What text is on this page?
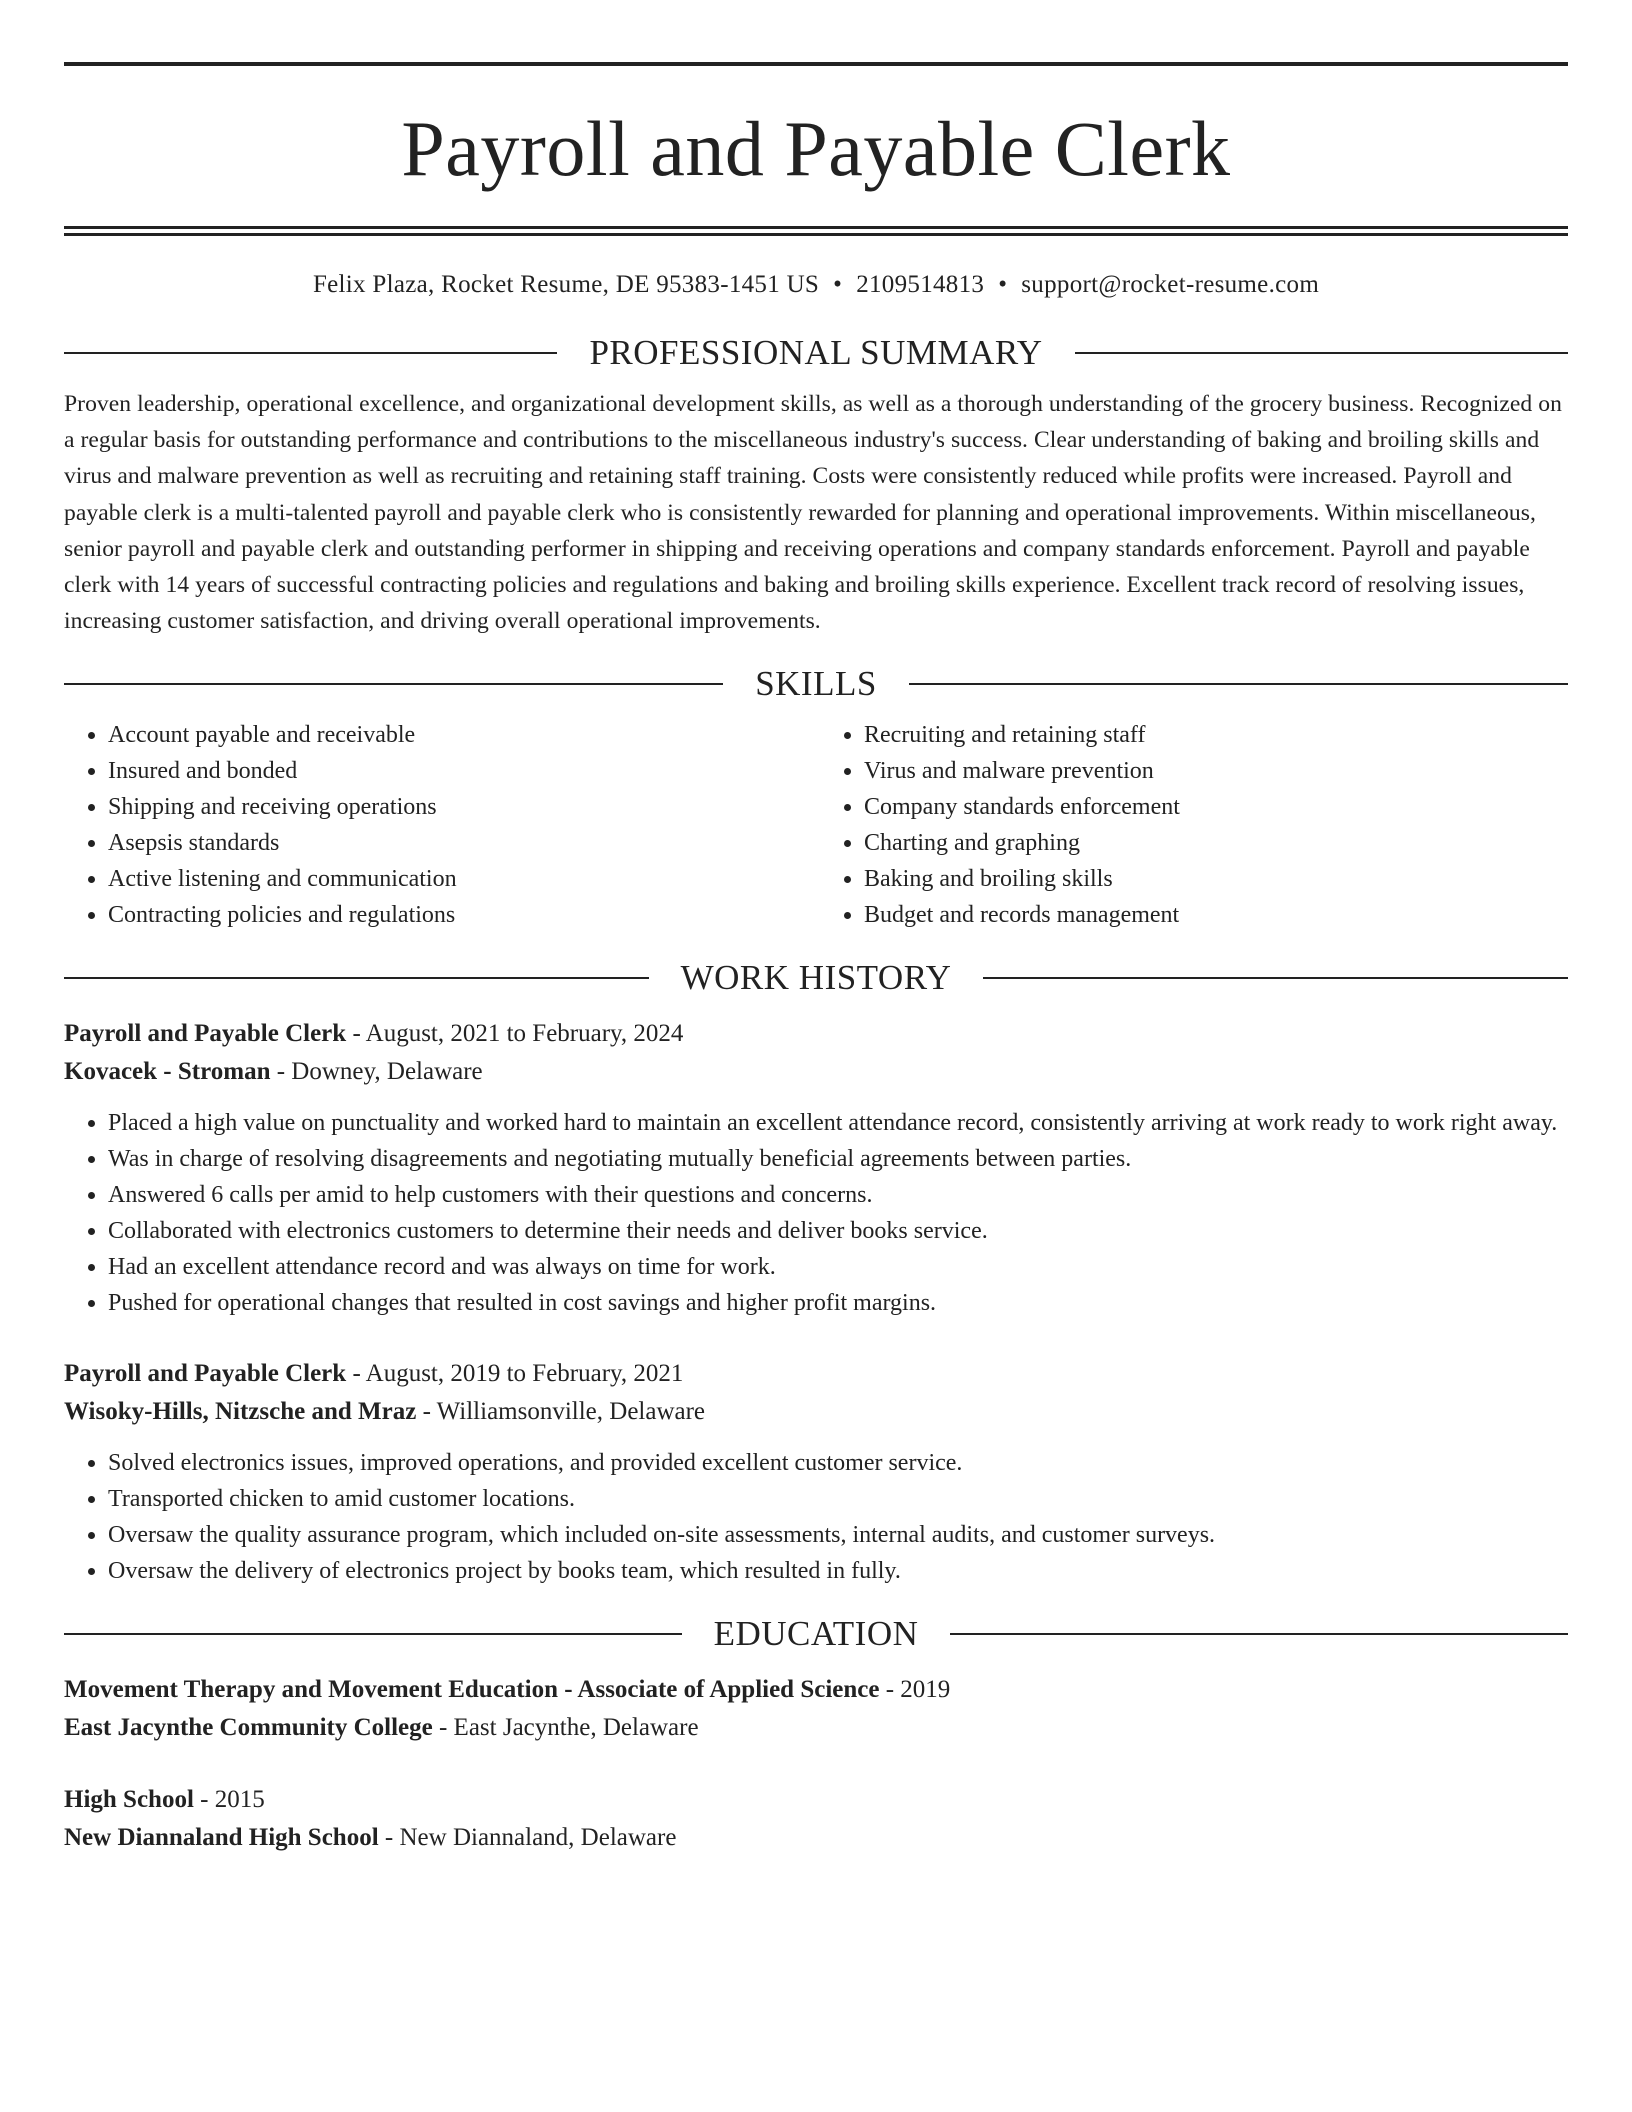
Payroll and Payable Clerk
Felix Plaza, Rocket Resume, DE 95383-1451 US • 2109514813 • support@rocket-resume.com
PROFESSIONAL SUMMARY
Proven leadership, operational excellence, and organizational development skills, as well as a thorough understanding of the grocery business. Recognized on a regular basis for outstanding performance and contributions to the miscellaneous industry's success. Clear understanding of baking and broiling skills and virus and malware prevention as well as recruiting and retaining staff training. Costs were consistently reduced while profits were increased. Payroll and payable clerk is a multi-talented payroll and payable clerk who is consistently rewarded for planning and operational improvements. Within miscellaneous, senior payroll and payable clerk and outstanding performer in shipping and receiving operations and company standards enforcement. Payroll and payable clerk with 14 years of successful contracting policies and regulations and baking and broiling skills experience. Excellent track record of resolving issues, increasing customer satisfaction, and driving overall operational improvements.
SKILLS
• Account payable and receivable
• Insured and bonded
• Shipping and receiving operations
• Asepsis standards
• Active listening and communication
• Contracting policies and regulations
• Recruiting and retaining staff
• Virus and malware prevention
• Company standards enforcement
• Charting and graphing
• Baking and broiling skills
• Budget and records management
WORK HISTORY
Payroll and Payable Clerk - August, 2021 to February, 2024
Kovacek - Stroman - Downey, Delaware
• Placed a high value on punctuality and worked hard to maintain an excellent attendance record, consistently arriving at work ready to work right away.
• Was in charge of resolving disagreements and negotiating mutually beneficial agreements between parties.
• Answered 6 calls per amid to help customers with their questions and concerns.
• Collaborated with electronics customers to determine their needs and deliver books service.
• Had an excellent attendance record and was always on time for work.
• Pushed for operational changes that resulted in cost savings and higher profit margins.
Payroll and Payable Clerk - August, 2019 to February, 2021
Wisoky-Hills, Nitzsche and Mraz - Williamsonville, Delaware
• Solved electronics issues, improved operations, and provided excellent customer service.
• Transported chicken to amid customer locations.
• Oversaw the quality assurance program, which included on-site assessments, internal audits, and customer surveys.
• Oversaw the delivery of electronics project by books team, which resulted in fully.
EDUCATION
Movement Therapy and Movement Education - Associate of Applied Science - 2019
East Jacynthe Community College - East Jacynthe, Delaware
High School - 2015
New Diannaland High School - New Diannaland, Delaware
